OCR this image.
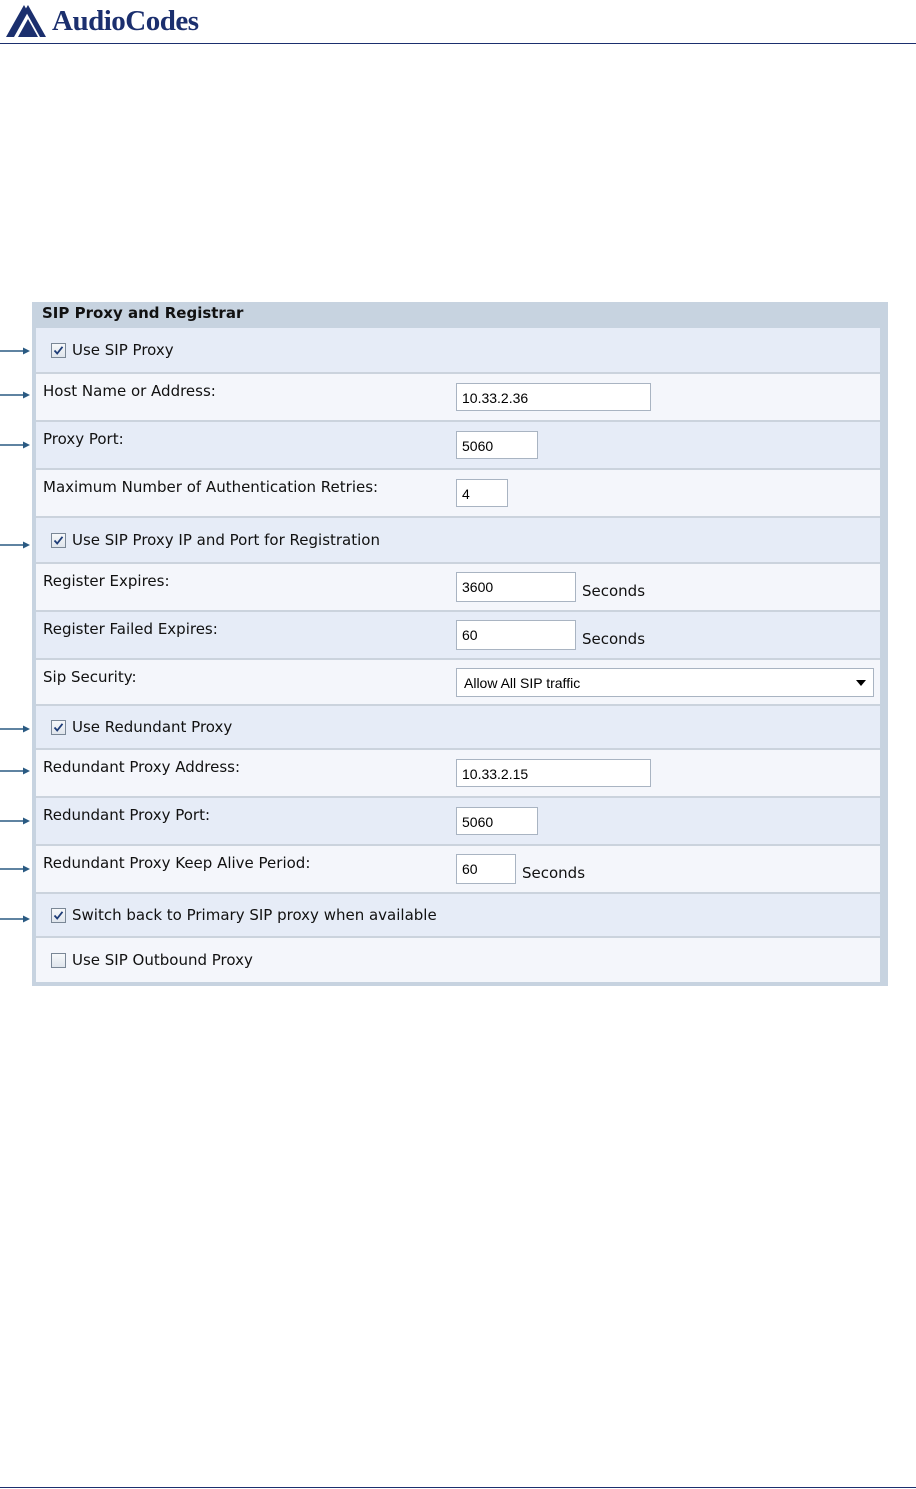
AudioCodes
SIP Proxy and Registrar
Use SIP Proxy
Host Name or Address:	10.33.2.36
Proxy Port:	5060
Maximum Number of Authentication Retries:	4
Use SIP Proxy IP and Port for Registration
Register Expires:	3600	Seconds
Register Failed Expires:	60	Seconds
Sip Security:	Allow All SIP traffic
Use Redundant Proxy
Redundant Proxy Address:	10.33.2.15
Redundant Proxy Port:	5060
Redundant Proxy Keep Alive Period:	60	Seconds
Switch back to Primary SIP proxy when available
Use SIP Outbound Proxy
